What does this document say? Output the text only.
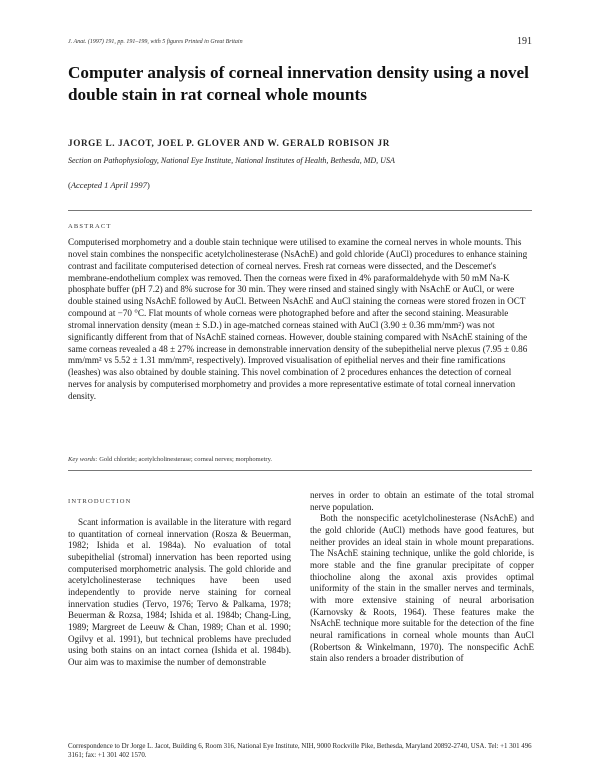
J. Anat. (1997) 191, pp. 191–199, with 5 figures Printed in Great Britain	191
Computer analysis of corneal innervation density using a novel double stain in rat corneal whole mounts
JORGE L. JACOT, JOEL P. GLOVER AND W. GERALD ROBISON JR
Section on Pathophysiology, National Eye Institute, National Institutes of Health, Bethesda, MD, USA
(Accepted 1 April 1997)
ABSTRACT

Computerised morphometry and a double stain technique were utilised to examine the corneal nerves in whole mounts. This novel stain combines the nonspecific acetylcholinesterase (NsAchE) and gold chloride (AuCl) procedures to enhance staining contrast and facilitate computerised detection of corneal nerves. Fresh rat corneas were dissected, and the Descemet's membrane-endothelium complex was removed. Then the corneas were fixed in 4% paraformaldehyde with 50 mM Na-K phosphate buffer (pH 7.2) and 8% sucrose for 30 min. They were rinsed and stained singly with NsAchE or AuCl, or were double stained using NsAchE followed by AuCl. Between NsAchE and AuCl staining the corneas were stored frozen in OCT compound at −70 °C. Flat mounts of whole corneas were photographed before and after the second staining. Measurable stromal innervation density (mean ± S.D.) in age-matched corneas stained with AuCl (3.90 ± 0.36 mm/mm²) was not significantly different from that of NsAchE stained corneas. However, double staining compared with NsAchE staining of the same corneas revealed a 48 ± 27% increase in demonstrable innervation density of the subepithelial nerve plexus (7.95 ± 0.86 mm/mm² vs 5.52 ± 1.31 mm/mm², respectively). Improved visualisation of epithelial nerves and their fine ramifications (leashes) was also obtained by double staining. This novel combination of 2 procedures enhances the detection of corneal nerves for analysis by computerised morphometry and provides a more representative estimate of total corneal innervation density.

Key words: Gold chloride; acetylcholinesterase; corneal nerves; morphometry.
INTRODUCTION

Scant information is available in the literature with regard to quantitation of corneal innervation (Rosza & Beuerman, 1982; Ishida et al. 1984a). No evaluation of total subepithelial (stromal) innervation has been reported using computerised morphometric analysis. The gold chloride and acetylcholinesterase techniques have been used independently to provide nerve staining for corneal innervation studies (Tervo, 1976; Tervo & Palkama, 1978; Beuerman & Rozsa, 1984; Ishida et al. 1984b; Chang-Ling, 1989; Margreet de Leeuw & Chan, 1989; Chan et al. 1990; Ogilvy et al. 1991), but technical problems have precluded using both stains on an intact cornea (Ishida et al. 1984b). Our aim was to maximise the number of demonstrable

nerves in order to obtain an estimate of the total stromal nerve population.

Both the nonspecific acetylcholinesterase (NsAchE) and the gold chloride (AuCl) methods have good features, but neither provides an ideal stain in whole mount preparations. The NsAchE staining technique, unlike the gold chloride, is more stable and the fine granular precipitate of copper thiocholine along the axonal axis provides optimal uniformity of the stain in the smaller nerves and terminals, with more extensive staining of neural arborisation (Karnovsky & Roots, 1964). These features make the NsAchE technique more suitable for the detection of the fine neural ramifications in corneal whole mounts than AuCl (Robertson & Winkelmann, 1970). The nonspecific AchE stain also renders a broader distribution of

Correspondence to Dr Jorge L. Jacot, Building 6, Room 316, National Eye Institute, NIH, 9000 Rockville Pike, Bethesda, Maryland 20892-2740, USA. Tel: +1 301 496 3161; fax: +1 301 402 1570.
